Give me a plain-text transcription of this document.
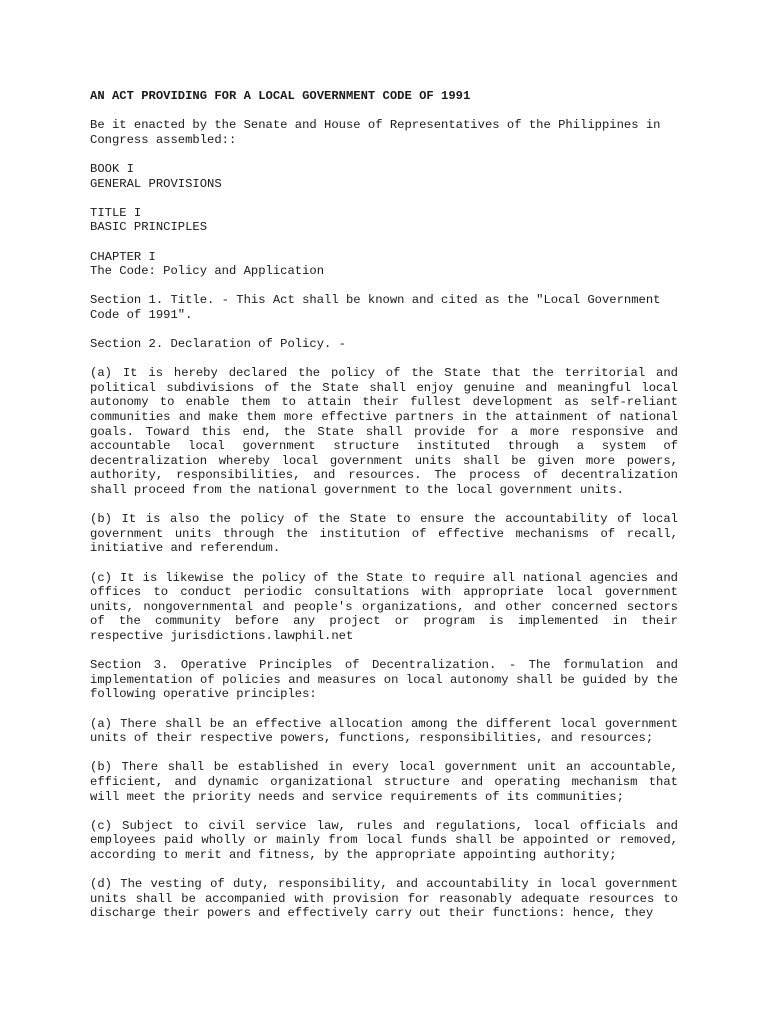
AN ACT PROVIDING FOR A LOCAL GOVERNMENT CODE OF 1991

Be it enacted by the Senate and House of Representatives of the Philippines in Congress assembled::

BOOK I
GENERAL PROVISIONS

TITLE I
BASIC PRINCIPLES

CHAPTER I
The Code: Policy and Application

Section 1. Title. - This Act shall be known and cited as the "Local Government Code of 1991".

Section 2. Declaration of Policy. -

(a) It is hereby declared the policy of the State that the territorial and political subdivisions of the State shall enjoy genuine and meaningful local autonomy to enable them to attain their fullest development as self-reliant communities and make them more effective partners in the attainment of national goals. Toward this end, the State shall provide for a more responsive and accountable local government structure instituted through a system of decentralization whereby local government units shall be given more powers, authority, responsibilities, and resources. The process of decentralization shall proceed from the national government to the local government units.

(b) It is also the policy of the State to ensure the accountability of local government units through the institution of effective mechanisms of recall, initiative and referendum.

(c) It is likewise the policy of the State to require all national agencies and offices to conduct periodic consultations with appropriate local government units, nongovernmental and people's organizations, and other concerned sectors of the community before any project or program is implemented in their respective jurisdictions.lawphil.net

Section 3. Operative Principles of Decentralization. - The formulation and implementation of policies and measures on local autonomy shall be guided by the following operative principles:

(a) There shall be an effective allocation among the different local government units of their respective powers, functions, responsibilities, and resources;

(b) There shall be established in every local government unit an accountable, efficient, and dynamic organizational structure and operating mechanism that will meet the priority needs and service requirements of its communities;

(c) Subject to civil service law, rules and regulations, local officials and employees paid wholly or mainly from local funds shall be appointed or removed, according to merit and fitness, by the appropriate appointing authority;

(d) The vesting of duty, responsibility, and accountability in local government units shall be accompanied with provision for reasonably adequate resources to discharge their powers and effectively carry out their functions: hence, they
